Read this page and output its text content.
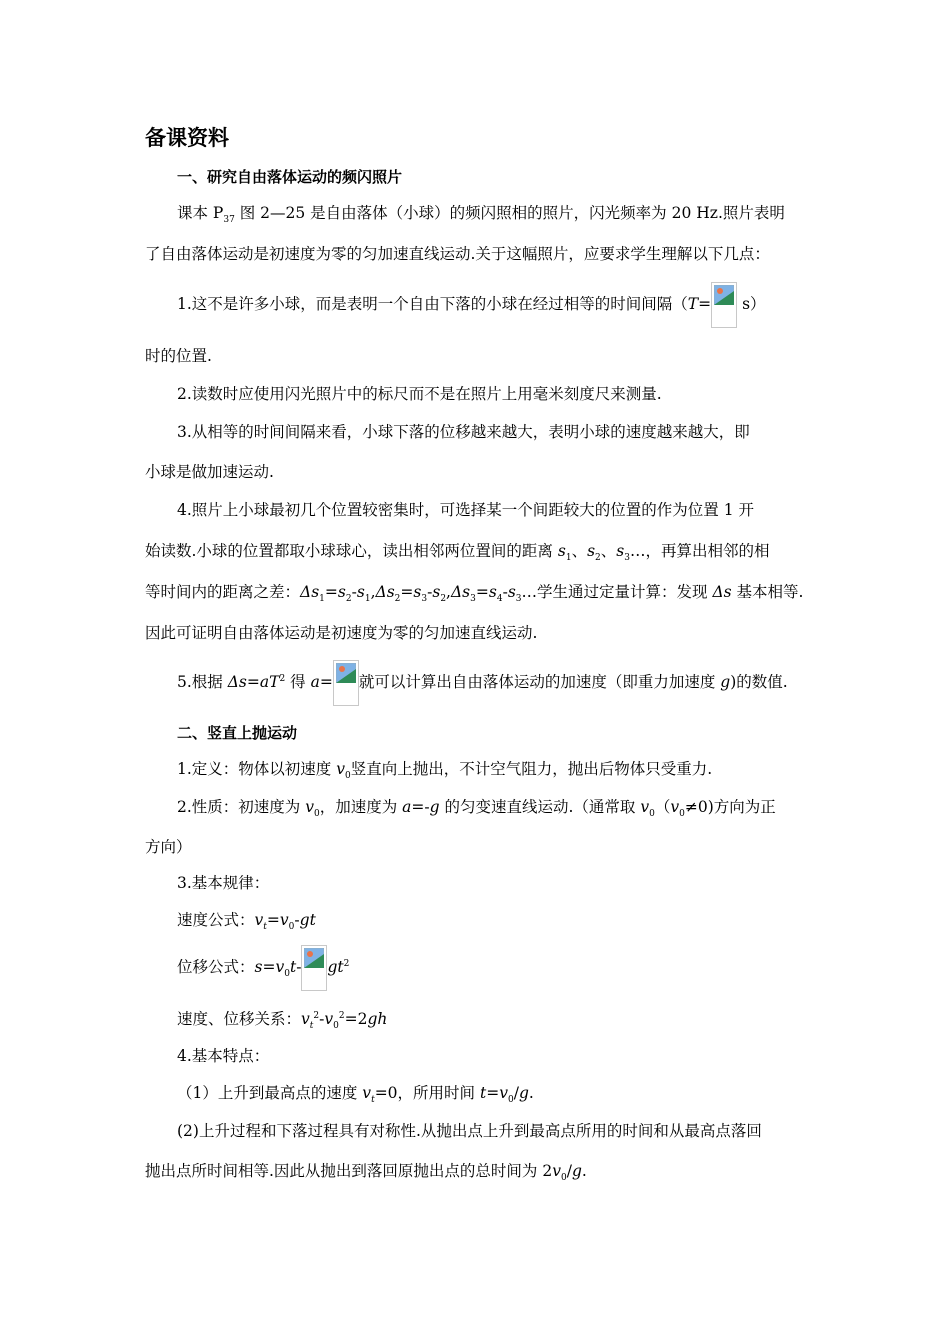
备课资料
一、研究自由落体运动的频闪照片
课本 $P_{37}$ 图 2—25 是自由落体（小球）的频闪照相的照片，闪光频率为 20 Hz.照片表明
了自由落体运动是初速度为零的匀加速直线运动.关于这幅照片，应要求学生理解以下几点：
1.这不是许多小球，而是表明一个自由下落的小球在经过相等的时间间隔（T=
s）
时的位置.
2.读数时应使用闪光照片中的标尺而不是在照片上用毫米刻度尺来测量.
3.从相等的时间间隔来看，小球下落的位移越来越大，表明小球的速度越来越大，即
小球是做加速运动.
4.照片上小球最初几个位置较密集时，可选择某一个间距较大的位置的作为位置 1 开
始读数.小球的位置都取小球球心，读出相邻两位置间的距离 $s_1$、$s_2$、$s_3\dots$，再算出相邻的相
等时间内的距离之差：$\Delta s_1=s_2-s_1,\Delta s_2=s_3-s_2,\Delta s_3=s_4-s_3\dots$学生通过定量计算：发现 Δs 基本相等.
因此可证明自由落体运动是初速度为零的匀加速直线运动.
5.根据 $\Delta s=aT^2$ 得 a= 就可以计算出自由落体运动的加速度（即重力加速度 g)的数值.
二、竖直上抛运动
1.定义：物体以初速度 $v_0$竖直向上抛出，不计空气阻力，抛出后物体只受重力.
2.性质：初速度为 $v_0$，加速度为 a=-g 的匀变速直线运动.（通常取 $v_0(v_0\ne 0)$方向为正
方向）
3.基本规律：
速度公式：$v_t=v_0-gt$
位移公式：$s=v_0t-$ $gt^2$
速度、位移关系：$v_t^2-v_0^2=2gh$
4.基本特点：
（1）上升到最高点的速度 $v_t=0$，所用时间 $t=v_0/g$.
(2)上升过程和下落过程具有对称性.从抛出点上升到最高点所用的时间和从最高点落回
抛出点所时间相等.因此从抛出到落回原抛出点的总时间为 $2v_0/g$.
